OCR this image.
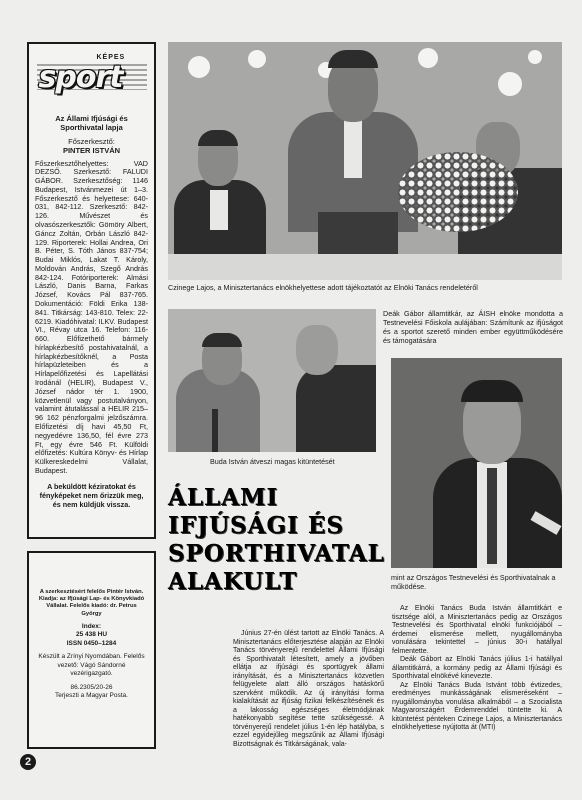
KÉPES
sport
Az Állami Ifjúsági és Sporthivatal lapja
Főszerkesztő:
PINTER ISTVÁN
Főszerkesztőhelyettes: VAD DEZSŐ. Szerkesztő: FALUDI GÁBOR. Szerkesztőség: 1146 Budapest, Istvánmezei út 1–3. Főszerkesztő és helyettese: 640-031, 842-112. Szerkesztő: 842-126. Művészet és olvasószerkesztők: Gömöry Albert, Gáncz Zoltán, Orbán László 842-129. Riporterek: Hollai Andrea, Ori B. Péter, S. Tóth János 837-754; Budai Miklós, Lakat T. Károly, Moldován András, Szegő András 842-124. Fotóriporterek: Almási László, Danis Barna, Farkas József, Kovács Pál 837-765. Dokumentáció: Földi Erika 138-841. Titkárság: 143-810. Telex: 22-6219. Kiadóhivatal: ILKV. Budapest VI., Révay utca 16. Telefon: 116-660. Előfizethető bármely hírlapkézbesítő postahivatalnál, a hírlapkézbesítőknél, a Posta hírlapüzleteiben és a Hírlapelőfizetési és Lapellátási Irodánál (HELIR), Budapest V., József nádor tér 1. 1900, közvetlenül vagy postutalványon, valamint átutalással a HELIR 215–96 162 pénzforgalmi jelzőszámra. Előfizetési díj havi 45,50 Ft, negyedévre 136,50, fél évre 273 Ft, egy évre 546 Ft. Külföldi előfizetés: Kultúra Könyv- és Hírlap Külkereskedelmi Vállalat, Budapest.
A beküldött kéziratokat és fényképeket nem őrizzük meg, és nem küldjük vissza.
A szerkesztésért felelős Pintér István. Kiadja: az Ifjúsági Lap- és Könyvkiadó Vállalat. Felelős kiadó: dr. Petrus György
Index:
25 438 HU
ISSN 0450–1284
Készült a Zrínyi Nyomdában. Felelős vezető: Vágó Sándorné vezérigazgató.
86.2305/20-26
Terjeszti a Magyar Posta.
Czinege Lajos, a Minisztertanács elnökhelyettese adott tájékoztatót az Elnöki Tanács rendeletéről
Buda István átveszi magas kitüntetését
Deák Gábor államtitkár, az ÁISH elnöke mondotta a Testnevelési Főiskola aulájában: Számítunk az ifjúságot és a sportot szerető minden ember együttműködésére és támogatására
mint az Országos Testnevelési és Sporthivatalnak a működése.
ÁLLAMI
IFJÚSÁGI ÉS
SPORTHIVATAL
ALAKULT

Június 27-én ülést tartott az Elnöki Tanács. A Minisztertanács előterjesztése alapján az Elnöki Tanács törvényerejű rendelettel Állami Ifjúsági és Sporthivatalt létesített, amely a jövőben ellátja az ifjúsági és sportügyek állami irányítását, és a Minisztertanács közvetlen felügyelete alatt álló országos hatáskörű szervként működik. Az új irányítási forma kialakítását az ifjúság fizikai felkészítésének és a lakosság egészséges életmódjának hatékonyabb segítése tette szükségessé. A törvényerejű rendelet július 1-én lép hatályba, s ezzel egyidejűleg megszűnik az Állami Ifjúsági Bizottságnak és Titkárságának, vala-

Az Elnöki Tanács Buda István államtitkárt e tisztsége alól, a Minisztertanács pedig az Országos Testnevelési és Sporthivatal elnöki funkciójából – érdemei elismerése mellett, nyugállományba vonulására tekintettel – június 30-i hatállyal felmentette.

Deák Gábort az Elnöki Tanács július 1-i hatállyal államtitkárrá, a kormány pedig az Állami Ifjúsági és Sporthivatal elnökévé kinevezte.

Az Elnöki Tanács Buda Istvánt több évtizedes, eredményes munkásságának elismeréseként – nyugállományba vonulása alkalmából – a Szocialista Magyarországért Érdemrenddel tüntette ki. A kitüntetést pénteken Czinege Lajos, a Minisztertanács elnökhelyettese nyújtotta át (MTI)

2
